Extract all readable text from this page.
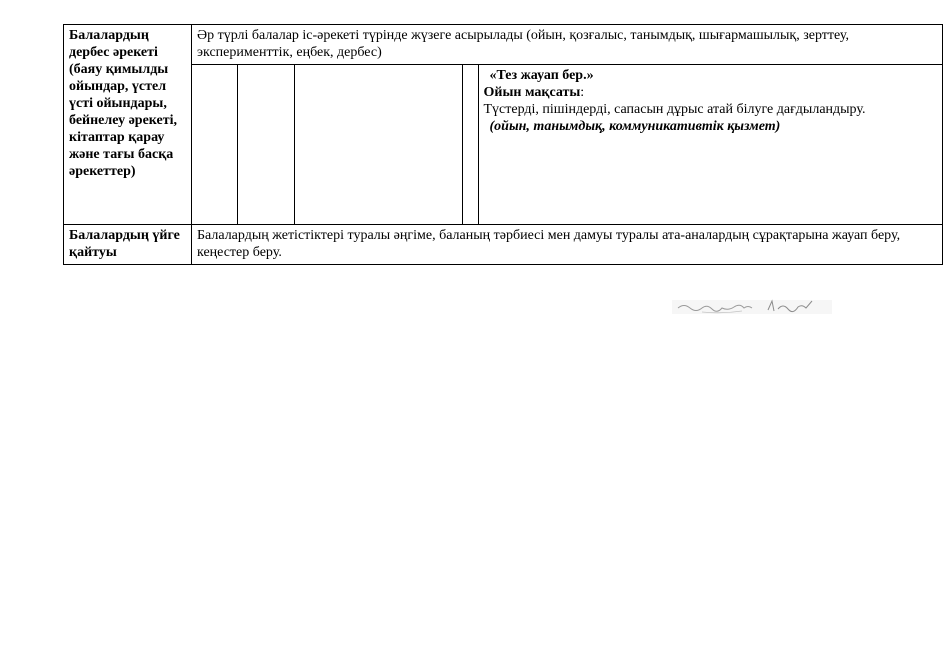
Балалардың дербес әрекеті (баяу қимылды ойындар, үстел үсті ойындары, бейнелеу әрекеті, кітаптар қарау және тағы басқа әрекеттер)	Әр түрлі балалар іс-әрекеті түрінде жүзеге асырылады (ойын, қозғалыс, танымдық, шығармашылық, зерттеу, эксперименттік, еңбек, дербес)

«Тез жауап бер.»
Ойын мақсаты:
Түстерді, пішіндерді, сапасын дұрыс атай білуге дағдыландыру.
(ойын, танымдық, коммуникативтік қызмет)

Балалардың үйге қайтуы	Балалардың жетістіктері туралы әңгіме, баланың тәрбиесі мен дамуы туралы ата-аналардың сұрақтарына жауап беру, кеңестер беру.
